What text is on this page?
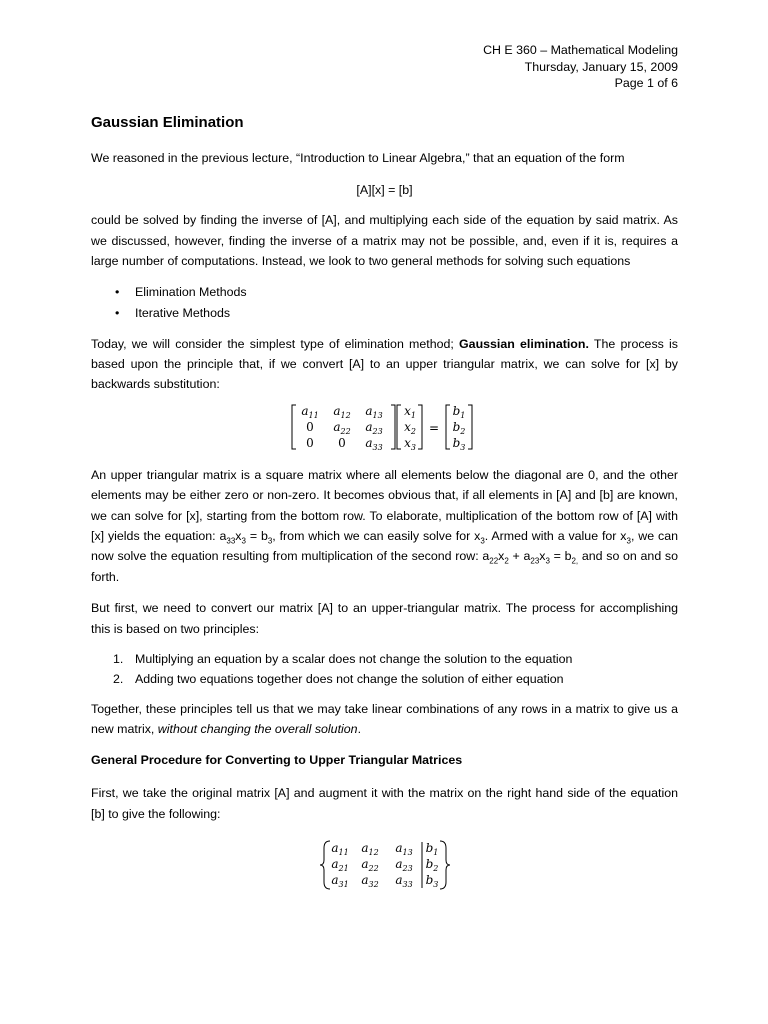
CH E 360 – Mathematical Modeling
Thursday, January 15, 2009
Page 1 of 6
Gaussian Elimination

We reasoned in the previous lecture, “Introduction to Linear Algebra,” that an equation of the form

[A][x] = [b]

could be solved by finding the inverse of [A], and multiplying each side of the equation by said matrix. As we discussed, however, finding the inverse of a matrix may not be possible, and, even if it is, requires a large number of computations. Instead, we look to two general methods for solving such equations

• Elimination Methods
• Iterative Methods

Today, we will consider the simplest type of elimination method; Gaussian elimination. The process is based upon the principle that, if we convert [A] to an upper triangular matrix, we can solve for [x] by backwards substitution:

=
$a_{11}$ $a_{12}$ $a_{13}$
0 $a_{22}$ $a_{23}$
0 0 $a_{33}$
$x_1$
$x_2$
$x_3$
$b_1$
$b_2$
$b_3$

An upper triangular matrix is a square matrix where all elements below the diagonal are 0, and the other elements may be either zero or non-zero. It becomes obvious that, if all elements in [A] and [b] are known, we can solve for [x], starting from the bottom row. To elaborate, multiplication of the bottom row of [A] with [x] yields the equation: $a_{33}x_3 = b_3$, from which we can easily solve for $x_3$. Armed with a value for $x_3$, we can now solve the equation resulting from multiplication of the second row: $a_{22}x_2 + a_{23}x_3 = b_{2,}$ and so on and so forth.

But first, we need to convert our matrix [A] to an upper-triangular matrix. The process for accomplishing this is based on two principles:

1. Multiplying an equation by a scalar does not change the solution to the equation
2. Adding two equations together does not change the solution of either equation

Together, these principles tell us that we may take linear combinations of any rows in a matrix to give us a new matrix, without changing the overall solution.

General Procedure for Converting to Upper Triangular Matrices

First, we take the original matrix [A] and augment it with the matrix on the right hand side of the equation [b] to give the following:

$a_{11}$ $a_{12}$ $a_{13}$ $b_1$
$a_{21}$ $a_{22}$ $a_{23}$ $b_2$
$a_{31}$ $a_{32}$ $a_{33}$ $b_3$
